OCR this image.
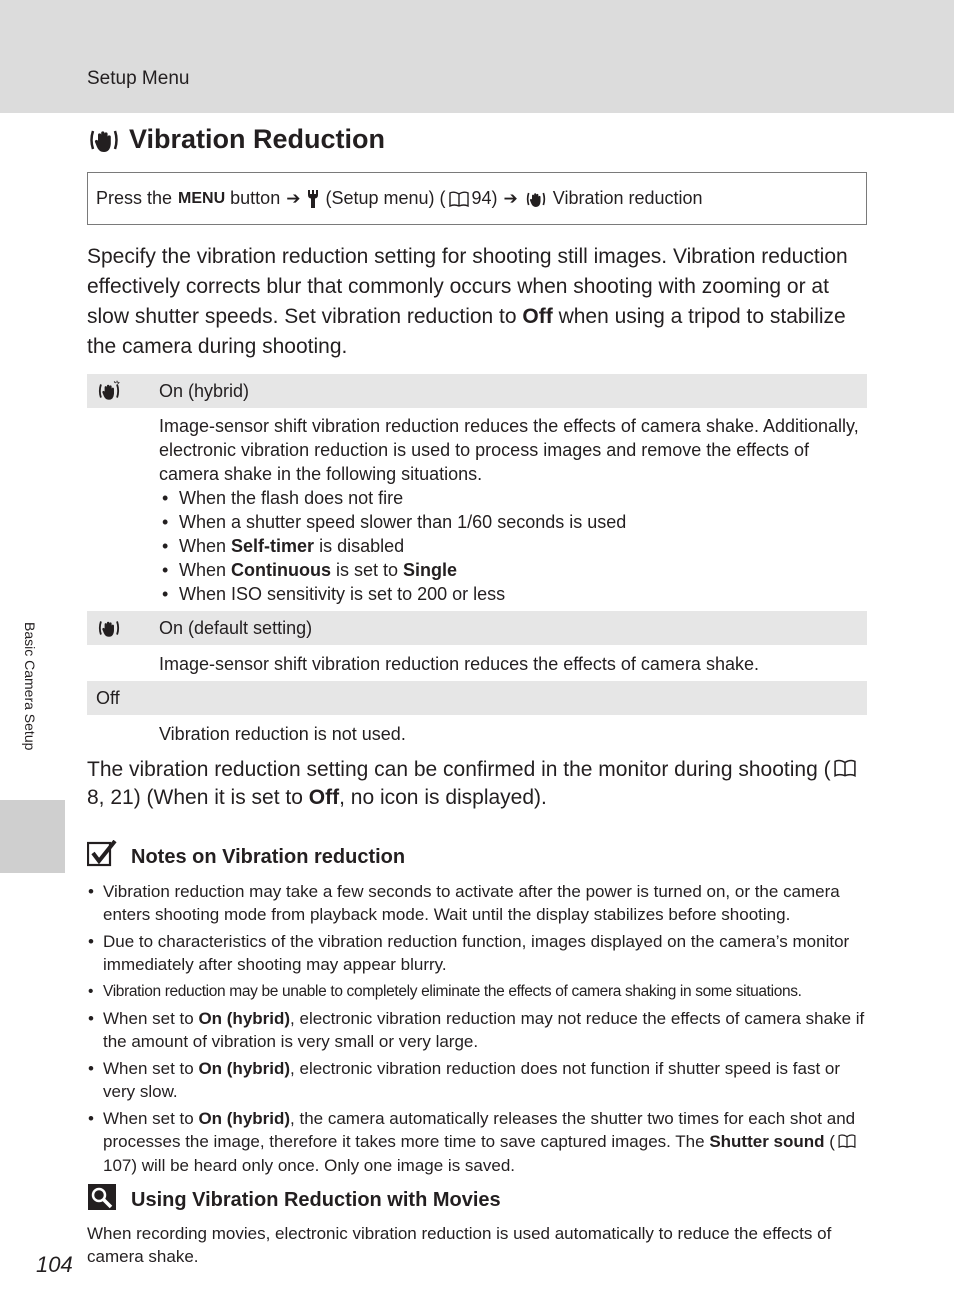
Setup Menu
Basic Camera Setup
Vibration Reduction
Press the MENU button ➔ (Setup menu) ( 94) ➔ Vibration reduction

Specify the vibration reduction setting for shooting still images. Vibration reduction effectively corrects blur that commonly occurs when shooting with zooming or at slow shutter speeds. Set vibration reduction to Off when using a tripod to stabilize the camera during shooting.

On (hybrid)

Image-sensor shift vibration reduction reduces the effects of camera shake. Additionally, electronic vibration reduction is used to process images and remove the effects of camera shake in the following situations.

• When the flash does not fire
• When a shutter speed slower than 1/60 seconds is used
• When Self-timer is disabled
• When Continuous is set to Single
• When ISO sensitivity is set to 200 or less
On (default setting)
Image-sensor shift vibration reduction reduces the effects of camera shake.
Off
Vibration reduction is not used.

The vibration reduction setting can be confirmed in the monitor during shooting (8, 21) (When it is set to Off, no icon is displayed).

Notes on Vibration reduction
• Vibration reduction may take a few seconds to activate after the power is turned on, or the camera enters shooting mode from playback mode. Wait until the display stabilizes before shooting.
• Due to characteristics of the vibration reduction function, images displayed on the camera’s monitor immediately after shooting may appear blurry.
• Vibration reduction may be unable to completely eliminate the effects of camera shaking in some situations.
• When set to On (hybrid), electronic vibration reduction may not reduce the effects of camera shake if the amount of vibration is very small or very large.
• When set to On (hybrid), electronic vibration reduction does not function if shutter speed is fast or very slow.
• When set to On (hybrid), the camera automatically releases the shutter two times for each shot and processes the image, therefore it takes more time to save captured images. The Shutter sound (107) will be heard only once. Only one image is saved.
Using Vibration Reduction with Movies

When recording movies, electronic vibration reduction is used automatically to reduce the effects of camera shake.

104
